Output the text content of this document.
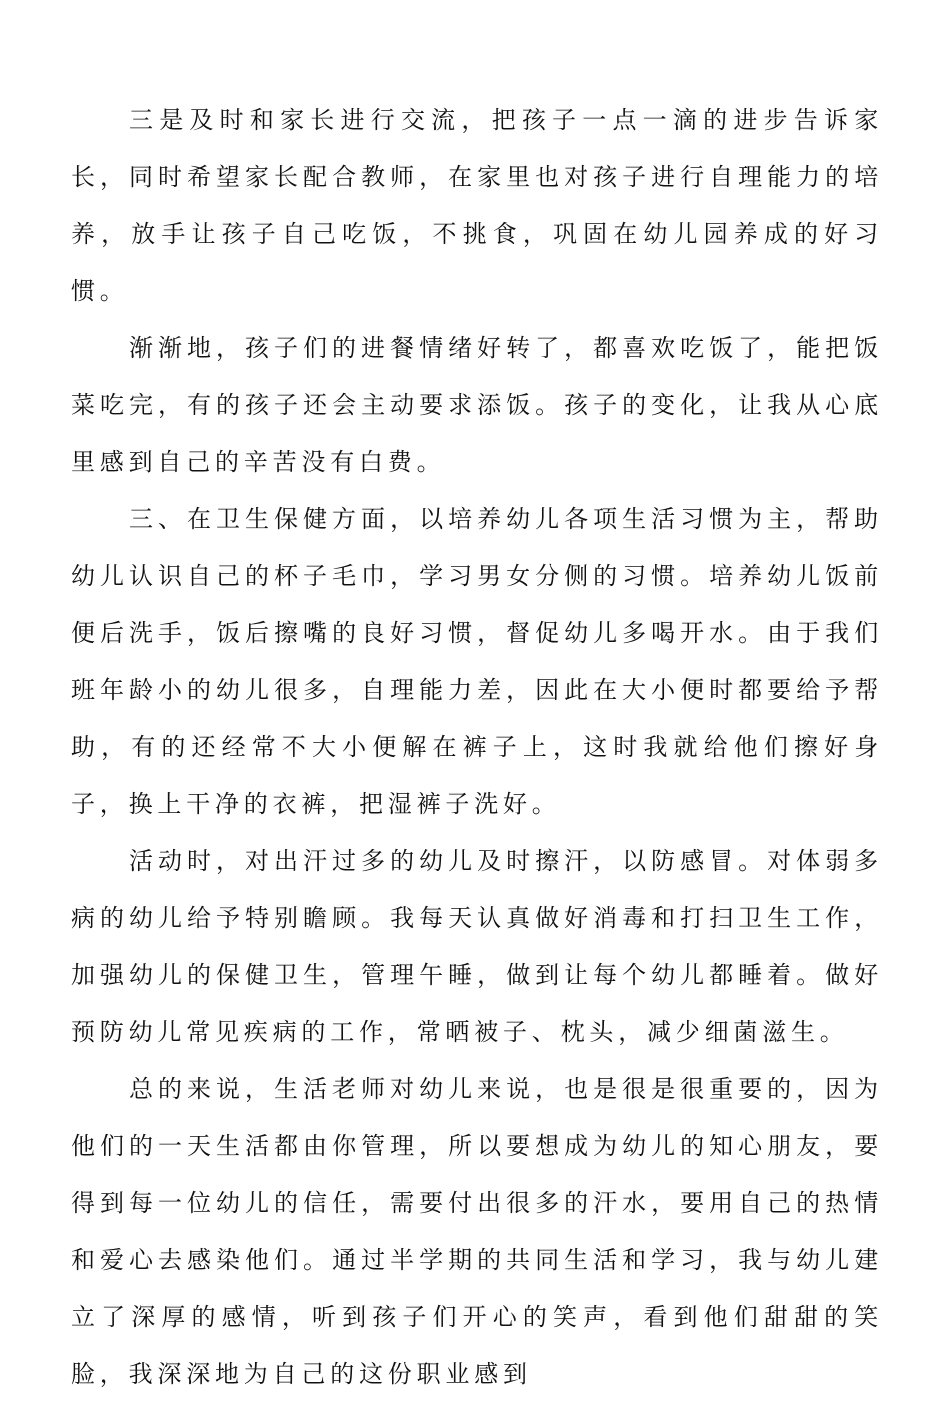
三是及时和家长进行交流，把孩子一点一滴的进步告诉家长，同时希望家长配合教师，在家里也对孩子进行自理能力的培养，放手让孩子自己吃饭，不挑食，巩固在幼儿园养成的好习惯。

渐渐地，孩子们的进餐情绪好转了，都喜欢吃饭了，能把饭菜吃完，有的孩子还会主动要求添饭。孩子的变化，让我从心底里感到自己的辛苦没有白费。

三、在卫生保健方面，以培养幼儿各项生活习惯为主，帮助幼儿认识自己的杯子毛巾，学习男女分侧的习惯。培养幼儿饭前便后洗手，饭后擦嘴的良好习惯，督促幼儿多喝开水。由于我们班年龄小的幼儿很多，自理能力差，因此在大小便时都要给予帮助，有的还经常不大小便解在裤子上，这时我就给他们擦好身子，换上干净的衣裤，把湿裤子洗好。

活动时，对出汗过多的幼儿及时擦汗，以防感冒。对体弱多病的幼儿给予特别瞻顾。我每天认真做好消毒和打扫卫生工作，加强幼儿的保健卫生，管理午睡，做到让每个幼儿都睡着。做好预防幼儿常见疾病的工作，常晒被子、枕头，减少细菌滋生。

总的来说，生活老师对幼儿来说，也是很是很重要的，因为他们的一天生活都由你管理，所以要想成为幼儿的知心朋友，要得到每一位幼儿的信任，需要付出很多的汗水，要用自己的热情和爱心去感染他们。通过半学期的共同生活和学习，我与幼儿建立了深厚的感情，听到孩子们开心的笑声，看到他们甜甜的笑脸，我深深地为自己的这份职业感到
